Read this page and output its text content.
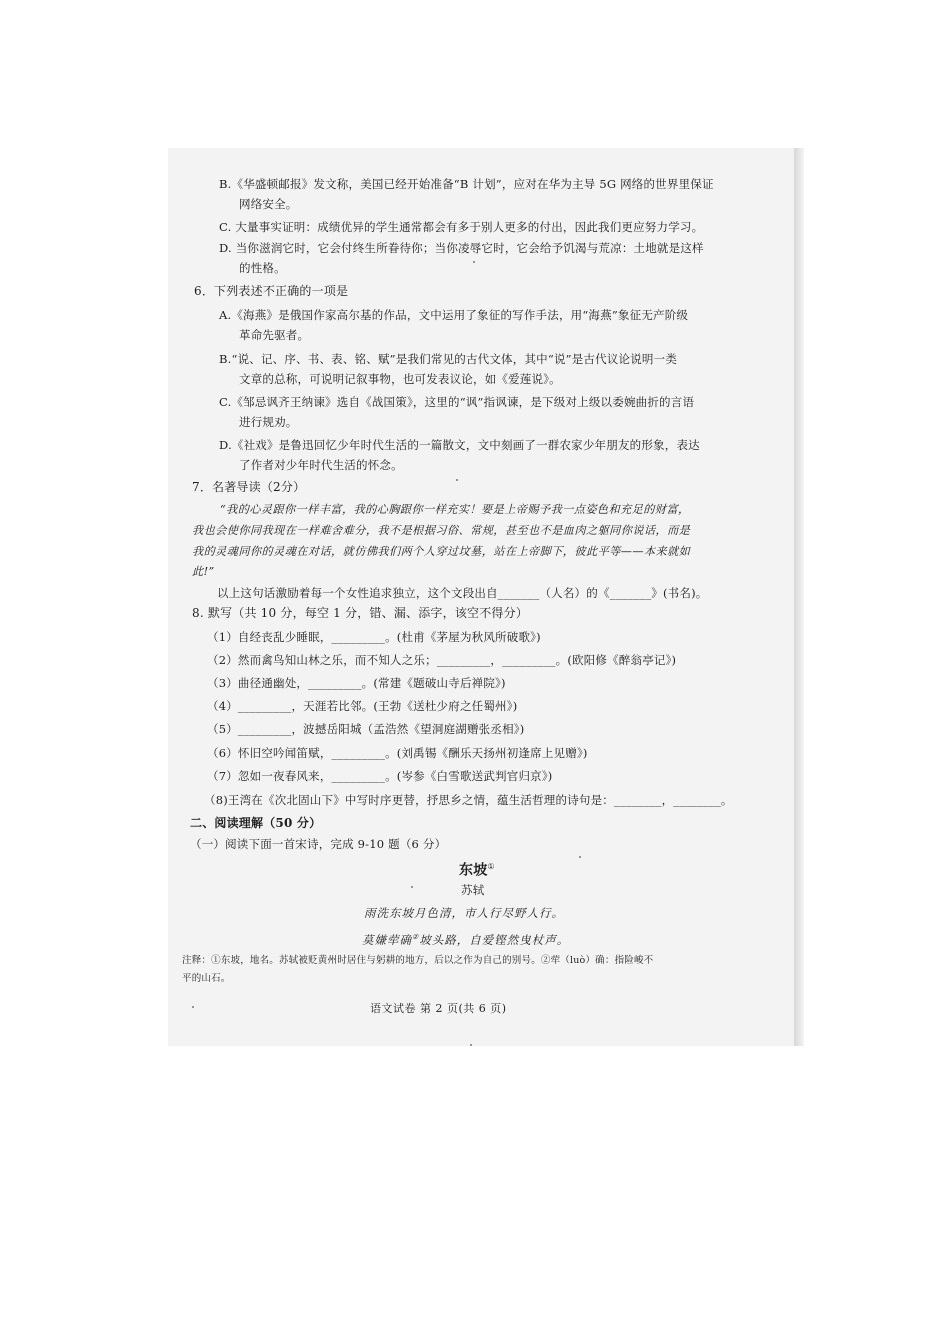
B.《华盛顿邮报》发文称，美国已经开始准备“B 计划”，应对在华为主导 5G 网络的世界里保证
网络安全。
C. 大量事实证明：成绩优异的学生通常都会有多于别人更多的付出，因此我们更应努力学习。
D. 当你滋润它时，它会付终生所眷待你；当你凌辱它时，它会给予饥渴与荒凉：土地就是这样
的性格。
6．下列表述不正确的一项是
A.《海燕》是俄国作家高尔基的作品，文中运用了象征的写作手法，用“海燕”象征无产阶级
革命先驱者。
B.“说、记、序、书、表、铭、赋”是我们常见的古代文体，其中“说”是古代议论说明一类
文章的总称，可说明记叙事物，也可发表议论，如《爱莲说》。
C.《邹忌讽齐王纳谏》选自《战国策》，这里的“讽”指讽谏，是下级对上级以委婉曲折的言语
进行规劝。
D.《社戏》是鲁迅回忆少年时代生活的一篇散文，文中刻画了一群农家少年朋友的形象，表达
了作者对少年时代生活的怀念。
7．名著导读（2分）
“我的心灵跟你一样丰富，我的心胸跟你一样充实！要是上帝赐予我一点姿色和充足的财富，
我也会使你同我现在一样难舍难分，我不是根据习俗、常规，甚至也不是血肉之躯同你说话，而是
我的灵魂同你的灵魂在对话，就仿佛我们两个人穿过坟墓，站在上帝脚下，彼此平等——本来就如
此!”
以上这句话激励着每一个女性追求独立，这个文段出自_______（人名）的《_______》(书名)。
8. 默写（共 10 分，每空 1 分，错、漏、添字，该空不得分）
（1）自经丧乱少睡眠，_________。(杜甫《茅屋为秋风所破歌》)
（2）然而禽鸟知山林之乐，而不知人之乐；_________，_________。(欧阳修《醉翁亭记》)
（3）曲径通幽处，_________。(常建《题破山寺后禅院》)
（4）_________，天涯若比邻。(王勃《送杜少府之任蜀州》)
（5）_________，波撼岳阳城（孟浩然《望洞庭湖赠张丞相》)
（6）怀旧空吟闻笛赋，_________。(刘禹锡《酬乐天扬州初逢席上见赠》)
（7）忽如一夜春风来，_________。(岑参《白雪歌送武判官归京》)
（8)王湾在《次北固山下》中写时序更替，抒思乡之情，蕴生活哲理的诗句是：________，________。
二、阅读理解（50 分）
（一）阅读下面一首宋诗，完成 9-10 题（6 分）
东坡①
苏轼
雨洗东坡月色清，市人行尽野人行。
莫嫌荦确②坡头路，自爱铿然曳杖声。
注释：①东坡，地名。苏轼被贬黄州时居住与躬耕的地方，后以之作为自己的别号。②荦（luò）确：指险峻不
平的山石。
语文试卷 第 2 页(共 6 页)
